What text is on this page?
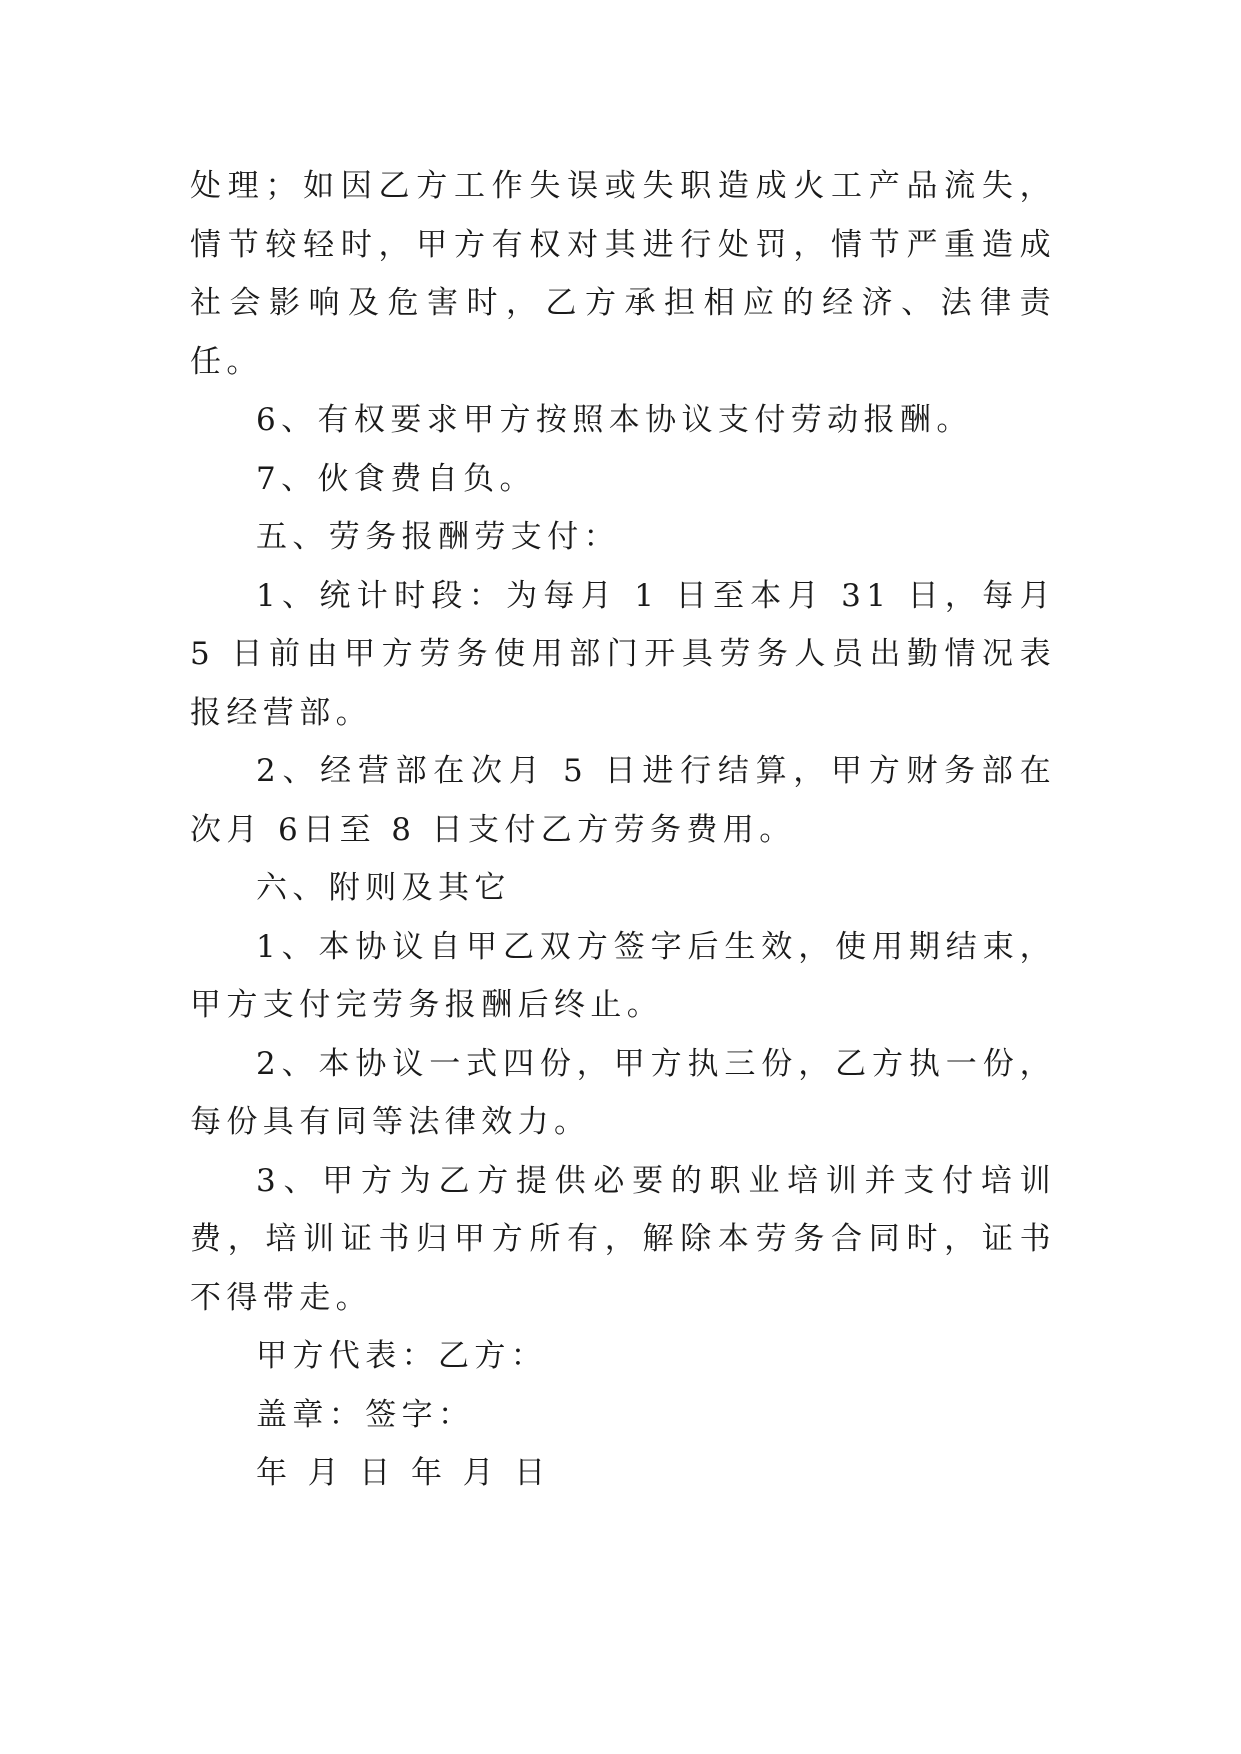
处理；如因乙方工作失误或失职造成火工产品流失，情节较轻时，甲方有权对其进行处罚，情节严重造成社会影响及危害时，乙方承担相应的经济、法律责任。

6、有权要求甲方按照本协议支付劳动报酬。

7、伙食费自负。

五、劳务报酬劳支付：

1、统计时段：为每月 1 日至本月 31 日，每月 5 日前由甲方劳务使用部门开具劳务人员出勤情况表报经营部。

2、经营部在次月 5 日进行结算，甲方财务部在次月 6日至 8 日支付乙方劳务费用。

六、附则及其它

1、本协议自甲乙双方签字后生效，使用期结束，甲方支付完劳务报酬后终止。

2、本协议一式四份，甲方执三份，乙方执一份，每份具有同等法律效力。

3、甲方为乙方提供必要的职业培训并支付培训费，培训证书归甲方所有，解除本劳务合同时，证书不得带走。

甲方代表：乙方：

盖章：签字：

年 月 日 年 月 日
